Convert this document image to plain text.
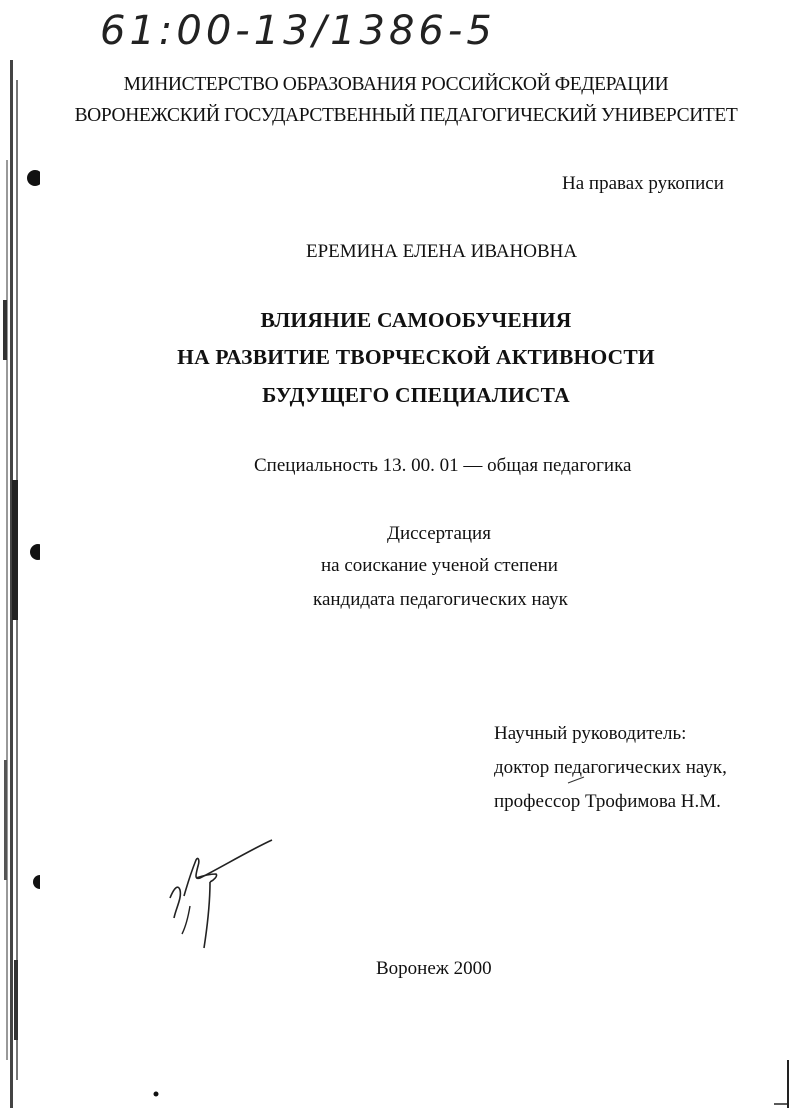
61:00-13/1386-5
МИНИСТЕРСТВО ОБРАЗОВАНИЯ РОССИЙСКОЙ ФЕДЕРАЦИИ
ВОРОНЕЖСКИЙ ГОСУДАРСТВЕННЫЙ ПЕДАГОГИЧЕСКИЙ УНИВЕРСИТЕТ
На правах рукописи
ЕРЕМИНА ЕЛЕНА ИВАНОВНА
ВЛИЯНИЕ САМООБУЧЕНИЯ
НА РАЗВИТИЕ ТВОРЧЕСКОЙ АКТИВНОСТИ
БУДУЩЕГО СПЕЦИАЛИСТА
Специальность 13. 00. 01 — общая педагогика
Диссертация
на соискание ученой степени
кандидата педагогических наук
Научный руководитель:
доктор педагогических наук,
профессор Трофимова Н.М.
Воронеж 2000
